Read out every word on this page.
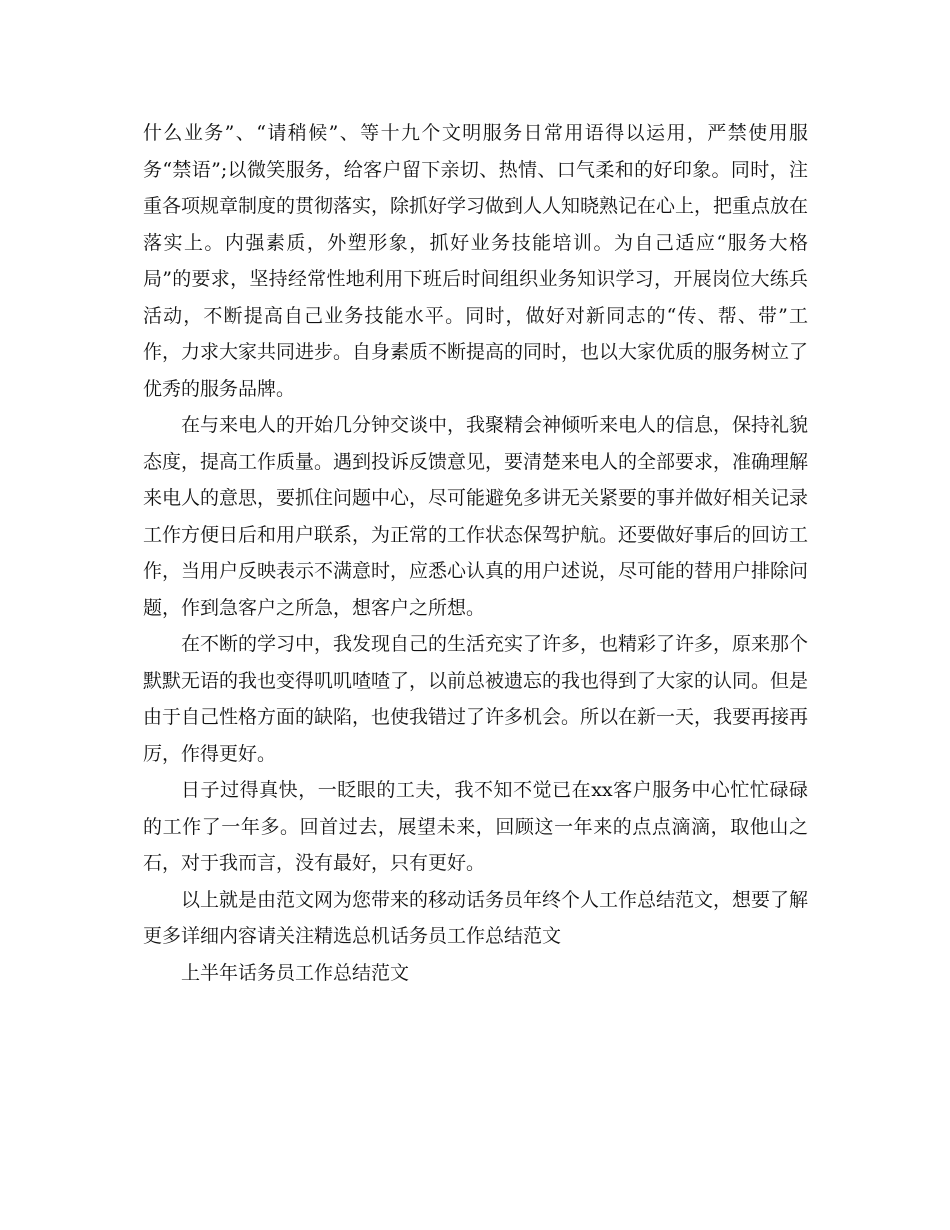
什么业务”、“请稍候”、等十九个文明服务日常用语得以运用，严禁使用服务“禁语”;以微笑服务，给客户留下亲切、热情、口气柔和的好印象。同时，注重各项规章制度的贯彻落实，除抓好学习做到人人知晓熟记在心上，把重点放在落实上。内强素质，外塑形象，抓好业务技能培训。为自己适应“服务大格局”的要求，坚持经常性地利用下班后时间组织业务知识学习，开展岗位大练兵活动，不断提高自己业务技能水平。同时，做好对新同志的“传、帮、带”工作，力求大家共同进步。自身素质不断提高的同时，也以大家优质的服务树立了优秀的服务品牌。

在与来电人的开始几分钟交谈中，我聚精会神倾听来电人的信息，保持礼貌态度，提高工作质量。遇到投诉反馈意见，要清楚来电人的全部要求，准确理解来电人的意思，要抓住问题中心，尽可能避免多讲无关紧要的事并做好相关记录工作方便日后和用户联系，为正常的工作状态保驾护航。还要做好事后的回访工作，当用户反映表示不满意时，应悉心认真的用户述说，尽可能的替用户排除问题，作到急客户之所急，想客户之所想。

在不断的学习中，我发现自己的生活充实了许多，也精彩了许多，原来那个默默无语的我也变得叽叽喳喳了，以前总被遗忘的我也得到了大家的认同。但是由于自己性格方面的缺陷，也使我错过了许多机会。所以在新一天，我要再接再厉，作得更好。

日子过得真快，一眨眼的工夫，我不知不觉已在xx客户服务中心忙忙碌碌的工作了一年多。回首过去，展望未来，回顾这一年来的点点滴滴，取他山之石，对于我而言，没有最好，只有更好。

以上就是由范文网为您带来的移动话务员年终个人工作总结范文，想要了解更多详细内容请关注精选总机话务员工作总结范文

上半年话务员工作总结范文
